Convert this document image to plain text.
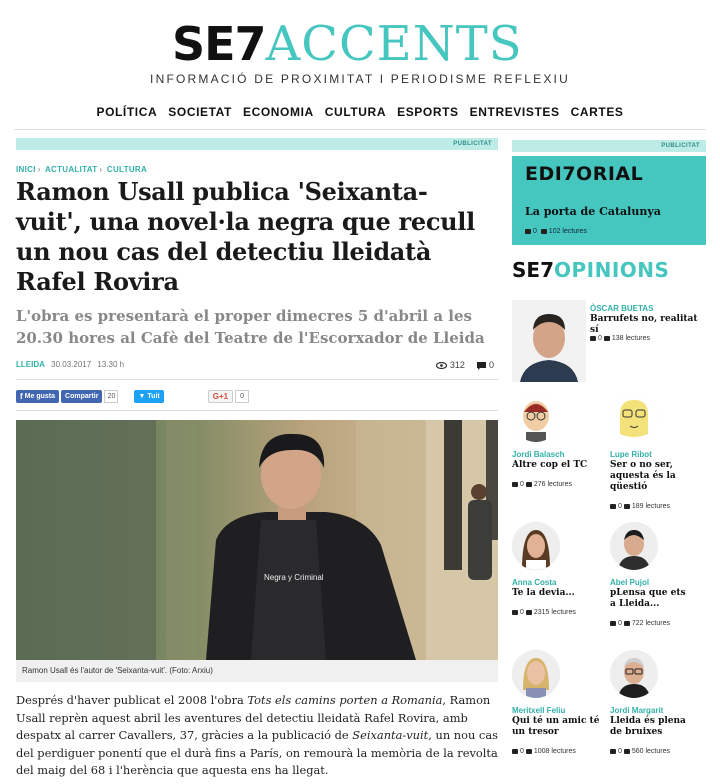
SE7ACCENTS
INFORMACIÓ DE PROXIMITAT I PERIODISME REFLEXIU
POLÍTICA SOCIETAT ECONOMIA CULTURA ESPORTS ENTREVISTES CARTES
PUBLICITAT
INICI › ACTUALITAT › CULTURA
Ramon Usall publica 'Seixanta-vuit', una novel·la negra que recull un nou cas del detectiu lleidatà Rafel Rovira
L'obra es presentarà el proper dimecres 5 d'abril a les 20.30 hores al Cafè del Teatre de l'Escorxador de Lleida
LLEIDA 30.03.2017 13.30 h	312	0
f Me gusta	Compartir	20	▼ Tuit	G+1	0
Negra y Criminal
Ramon Usall és l'autor de 'Seixanta-vuit'. (Foto: Arxiu)

Després d'haver publicat el 2008 l'obra Tots els camins porten a Romania, Ramon Usall reprèn aquest abril les aventures del detectiu lleidatà Rafel Rovira, amb despatx al carrer Cavallers, 37, gràcies a la publicació de Seixanta-vuit, un nou cas del perdiguer ponentí que el durà fins a París, on remourà la memòria de la revolta del maig del 68 i l'herència que aquesta ens ha llegat.

PUBLICITAT
EDI7ORIAL
La porta de Catalunya
0 102 lectures
SE7OPINIONS
ÒSCAR BUETAS
Barrufets no, realitat sí
0 138 lectures
Jordi Balasch
Altre cop el TC
0 276 lectures
Lupe Ribot
Ser o no ser, aquesta és la qüestió
0 189 lectures
Anna Costa
Te la devia...
0 2315 lectures
Abel Pujol
pLensa que ets a Lleida...
0 722 lectures
Meritxell Feliu
Qui té un amic té un tresor
0 1008 lectures
Jordi Margarit
Lleida és plena de bruixes
0 560 lectures
